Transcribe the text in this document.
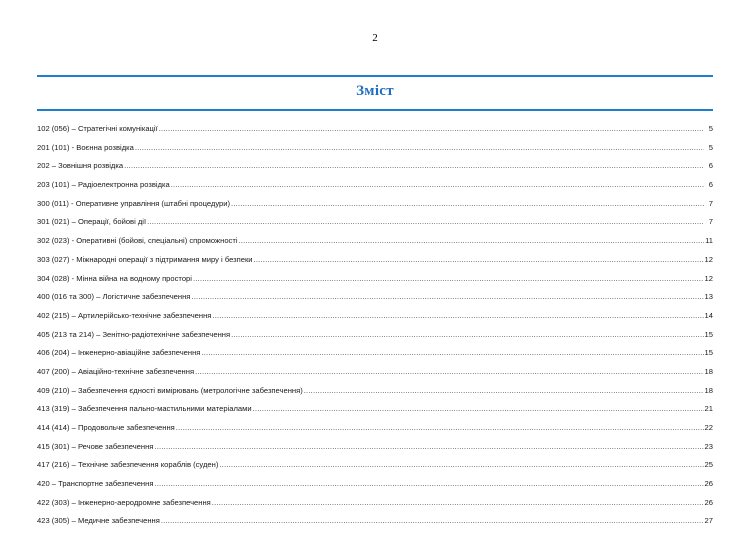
2
Зміст
102 (056) – Стратегічні комунікації .....	5
201 (101) - Воєнна розвідка .....	5
202 – Зовнішня розвідка .....	6
203 (101) – Радіоелектронна розвідка .....	6
300 (011) - Оперативне управління (штабні процедури) .....	7
301 (021) – Операції, бойові дії .....	7
302 (023) - Оперативні (бойові, спеціальні) спроможності .....	11
303 (027) - Міжнародні операції з підтримання миру і безпеки .....	12
304 (028) - Мінна війна на водному просторі .....	12
400 (016 та 300) – Логістичне забезпечення .....	13
402 (215) – Артилерійсько-технічне забезпечення .....	14
405 (213 та 214) – Зенітно-радіотехнічне забезпечення .....	15
406 (204) – Інженерно-авіаційне забезпечення .....	15
407 (200) – Авіаційно-технічне забезпечення .....	18
409 (210) – Забезпечення єдності вимірювань (метрологічне забезпечення) .....	18
413 (319) – Забезпечення пально-мастильними матеріалами .....	21
414 (414) – Продовольче забезпечення .....	22
415 (301) – Речове забезпечення .....	23
417 (216) – Технічне забезпечення кораблів (суден) .....	25
420 – Транспортне забезпечення .....	26
422 (303) – Інженерно-аеродромне забезпечення .....	26
423 (305) – Медичне забезпечення .....	27
